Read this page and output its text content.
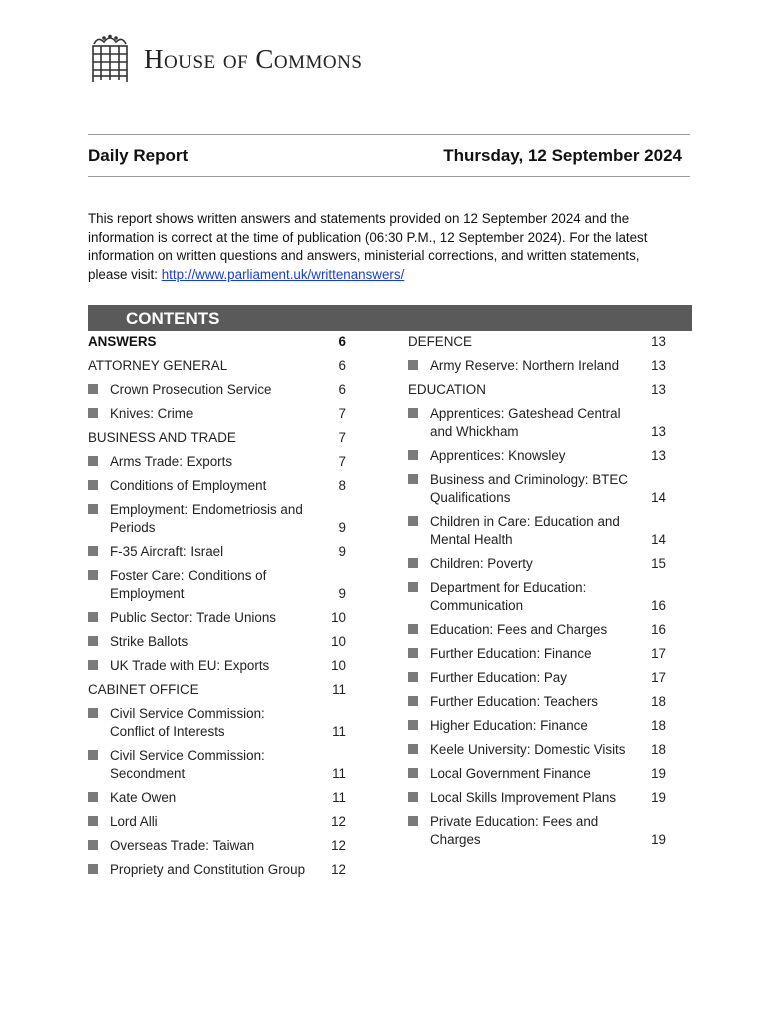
House of Commons
Daily Report	Thursday, 12 September 2024
This report shows written answers and statements provided on 12 September 2024 and the information is correct at the time of publication (06:30 P.M., 12 September 2024). For the latest information on written questions and answers, ministerial corrections, and written statements, please visit: http://www.parliament.uk/writtenanswers/
CONTENTS
ANSWERS	6
ATTORNEY GENERAL	6
Crown Prosecution Service	6
Knives: Crime	7
BUSINESS AND TRADE	7
Arms Trade: Exports	7
Conditions of Employment	8
Employment: Endometriosis and Periods	9
F-35 Aircraft: Israel	9
Foster Care: Conditions of Employment	9
Public Sector: Trade Unions	10
Strike Ballots	10
UK Trade with EU: Exports	10
CABINET OFFICE	11
Civil Service Commission: Conflict of Interests	11
Civil Service Commission: Secondment	11
Kate Owen	11
Lord Alli	12
Overseas Trade: Taiwan	12
Propriety and Constitution Group	12
DEFENCE	13
Army Reserve: Northern Ireland	13
EDUCATION	13
Apprentices: Gateshead Central and Whickham	13
Apprentices: Knowsley	13
Business and Criminology: BTEC Qualifications	14
Children in Care: Education and Mental Health	14
Children: Poverty	15
Department for Education: Communication	16
Education: Fees and Charges	16
Further Education: Finance	17
Further Education: Pay	17
Further Education: Teachers	18
Higher Education: Finance	18
Keele University: Domestic Visits	18
Local Government Finance	19
Local Skills Improvement Plans	19
Private Education: Fees and Charges	19
